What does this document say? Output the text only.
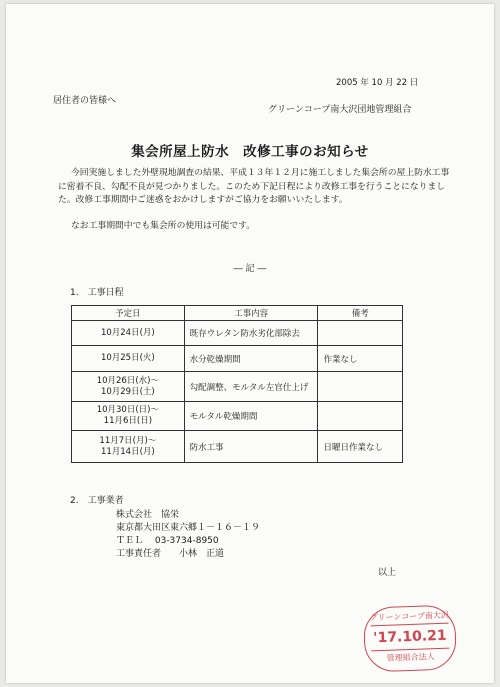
2005 年 10 月 22 日
居住者の皆様へ
グリーンコープ南大沢団地管理組合
集会所屋上防水　改修工事のお知らせ
今回実施しました外壁現地調査の結果、平成１３年１２月に施工しました集会所の屋上防水工事に密着不良、勾配不良が見つかりました。このため下記日程により改修工事を行うことになりました。改修工事期間中ご迷惑をおかけしますがご協力をお願いいたします。
なお工事期間中でも集会所の使用は可能です。
― 記 ―
1.　工事日程
予定日	工事内容	備考
10月24日(月)	既存ウレタン防水劣化部除去	
10月25日(火)	水分乾燥期間	作業なし
10月26日(水)～
10月29日(土)	勾配調整、モルタル左官仕上げ	
10月30日(日)～
11月6日(日)	モルタル乾燥期間	
11月7日(月)～
11月14日(月)	防水工事	日曜日作業なし
2.　工事業者
株式会社　協栄
東京都大田区東六郷１－１６－１９
ＴＥＬ　 03-3734-8950
工事責任者　　小林　正道
以上
グリーンコープ南大沢
'17.10.21
管理組合法人
